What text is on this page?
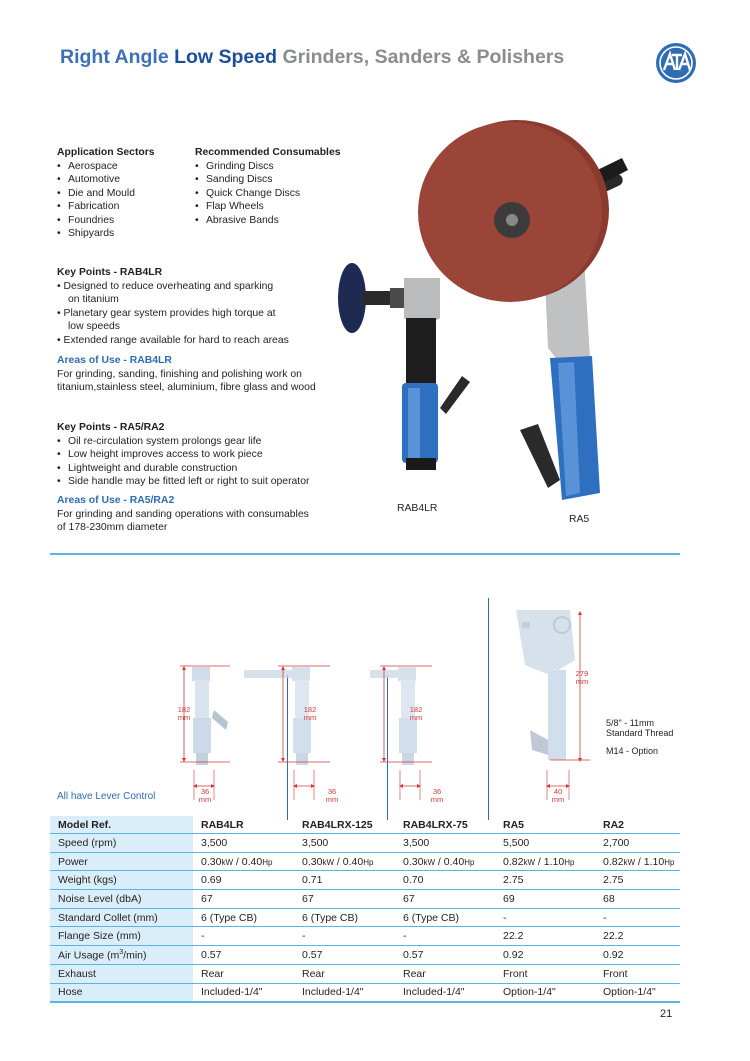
Right Angle Low Speed Grinders, Sanders & Polishers
Application Sectors
• Aerospace
• Automotive
• Die and Mould
• Fabrication
• Foundries
• Shipyards
Recommended Consumables
• Grinding Discs
• Sanding Discs
• Quick Change Discs
• Flap Wheels
• Abrasive Bands
Key Points - RAB4LR
• Designed to reduce overheating and sparking
on titanium
• Planetary gear system provides high torque at
low speeds
• Extended range available for hard to reach areas
Areas of Use - RAB4LR
For grinding, sanding, finishing and polishing work on
titanium,stainless steel, aluminium, fibre glass and wood
Key Points - RA5/RA2
• Oil re-circulation system prolongs gear life
• Low height improves access to work piece
• Lightweight and durable construction
• Side handle may be fitted left or right to suit operator
Areas of Use - RA5/RA2
For grinding and sanding operations with consumables
of 178-230mm diameter
RAB4LR
RA5
182
mm
182
mm
182
mm
279
mm
36
mm
36
mm
36
mm
40
mm
5/8" - 11mm
Standard Thread
M14 - Option
All have Lever Control
Model Ref.	RAB4LR	RAB4LRX-125	RAB4LRX-75	RA5	RA2
Speed (rpm)	3,500	3,500	3,500	5,500	2,700
Power	0.30kW / 0.40Hp	0.30kW / 0.40Hp	0.30kW / 0.40Hp	0.82kW / 1.10Hp	0.82kW / 1.10Hp
Weight (kgs)	0.69	0.71	0.70	2.75	2.75
Noise Level (dbA)	67	67	67	69	68
Standard Collet (mm)	6 (Type CB)	6 (Type CB)	6 (Type CB)	-	-
Flange Size (mm)	-	-	-	22.2	22.2
Air Usage $(m^3/\min)$	0.57	0.57	0.57	0.92	0.92
Exhaust	Rear	Rear	Rear	Front	Front
Hose	Included-1/4"	Included-1/4"	Included-1/4"	Option-1/4"	Option-1/4"
21
